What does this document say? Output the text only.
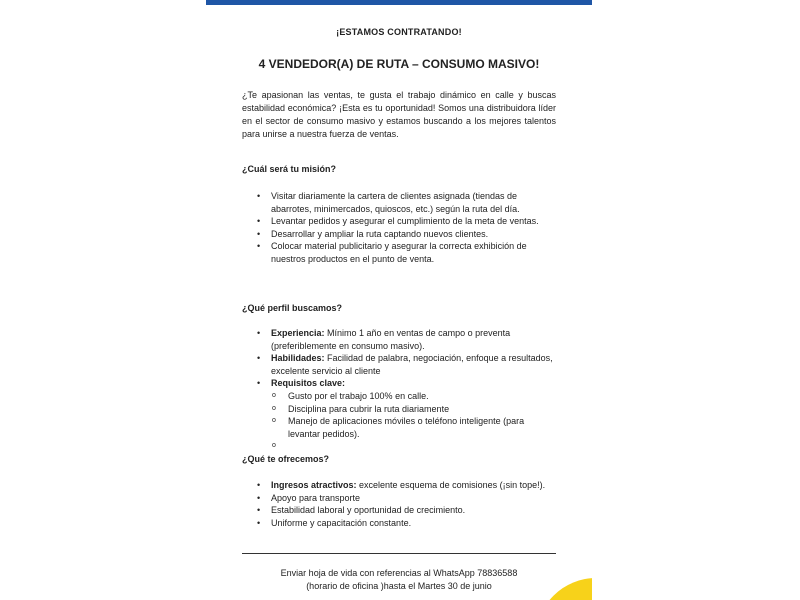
¡ESTAMOS CONTRATANDO!
4 VENDEDOR(A) DE RUTA – CONSUMO MASIVO!
¿Te apasionan las ventas, te gusta el trabajo dinámico en calle y buscas estabilidad económica? ¡Esta es tu oportunidad! Somos una distribuidora líder en el sector de consumo masivo y estamos buscando a los mejores talentos para unirse a nuestra fuerza de ventas.
¿Cuál será tu misión?
• Visitar diariamente la cartera de clientes asignada (tiendas de abarrotes, minimercados, quioscos, etc.) según la ruta del día.
• Levantar pedidos y asegurar el cumplimiento de la meta de ventas.
• Desarrollar y ampliar la ruta captando nuevos clientes.
• Colocar material publicitario y asegurar la correcta exhibición de nuestros productos en el punto de venta.
¿Qué perfil buscamos?
• Experiencia: Mínimo 1 año en ventas de campo o preventa (preferiblemente en consumo masivo).
• Habilidades: Facilidad de palabra, negociación, enfoque a resultados, excelente servicio al cliente
• Requisitos clave:
o Gusto por el trabajo 100% en calle.
o Disciplina para cubrir la ruta diariamente
o Manejo de aplicaciones móviles o teléfono inteligente (para levantar pedidos).
o
¿Qué te ofrecemos?
• Ingresos atractivos: excelente esquema de comisiones (¡sin tope!).
• Apoyo para transporte
• Estabilidad laboral y oportunidad de crecimiento.
• Uniforme y capacitación constante.
Enviar hoja de vida con referencias al WhatsApp 78836588
(horario de oficina )hasta el Martes 30 de junio
